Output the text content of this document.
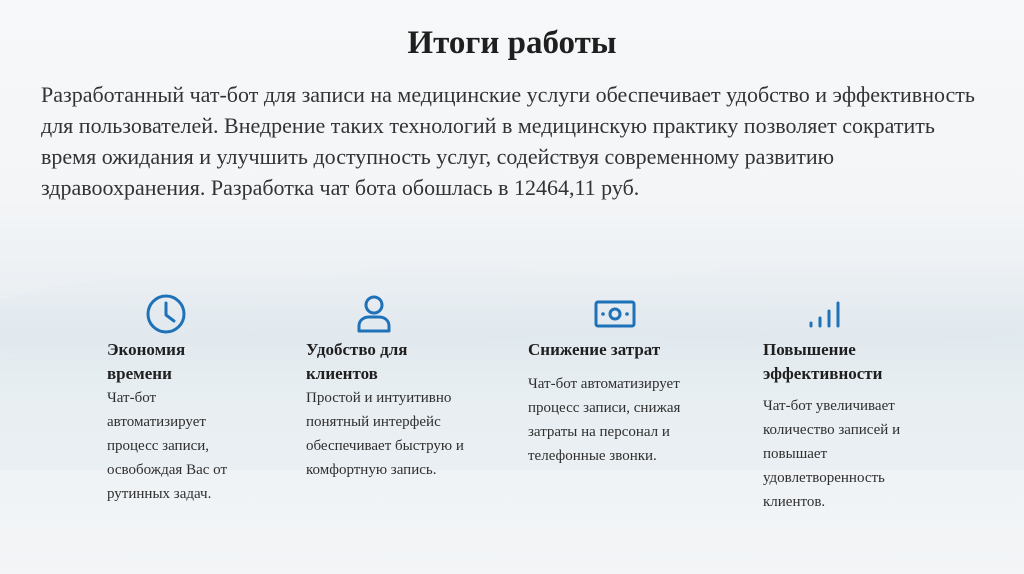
Итоги работы

Разработанный чат-бот для записи на медицинские услуги обеспечивает удобство и эффективность для пользователей. Внедрение таких технологий в медицинскую практику позволяет сократить время ожидания и улучшить доступность услуг, содействуя современному развитию здравоохранения. Разработка чат бота обошлась в 12464,11 руб.

Экономия времени

Чат-бот автоматизирует процесс записи, освобождая Вас от рутинных задач.

Удобство для клиентов

Простой и интуитивно понятный интерфейс обеспечивает быструю и комфортную запись.

Снижение затрат

Чат-бот автоматизирует процесс записи, снижая затраты на персонал и телефонные звонки.

Повышение эффективности

Чат-бот увеличивает количество записей и повышает удовлетворенность клиентов.
